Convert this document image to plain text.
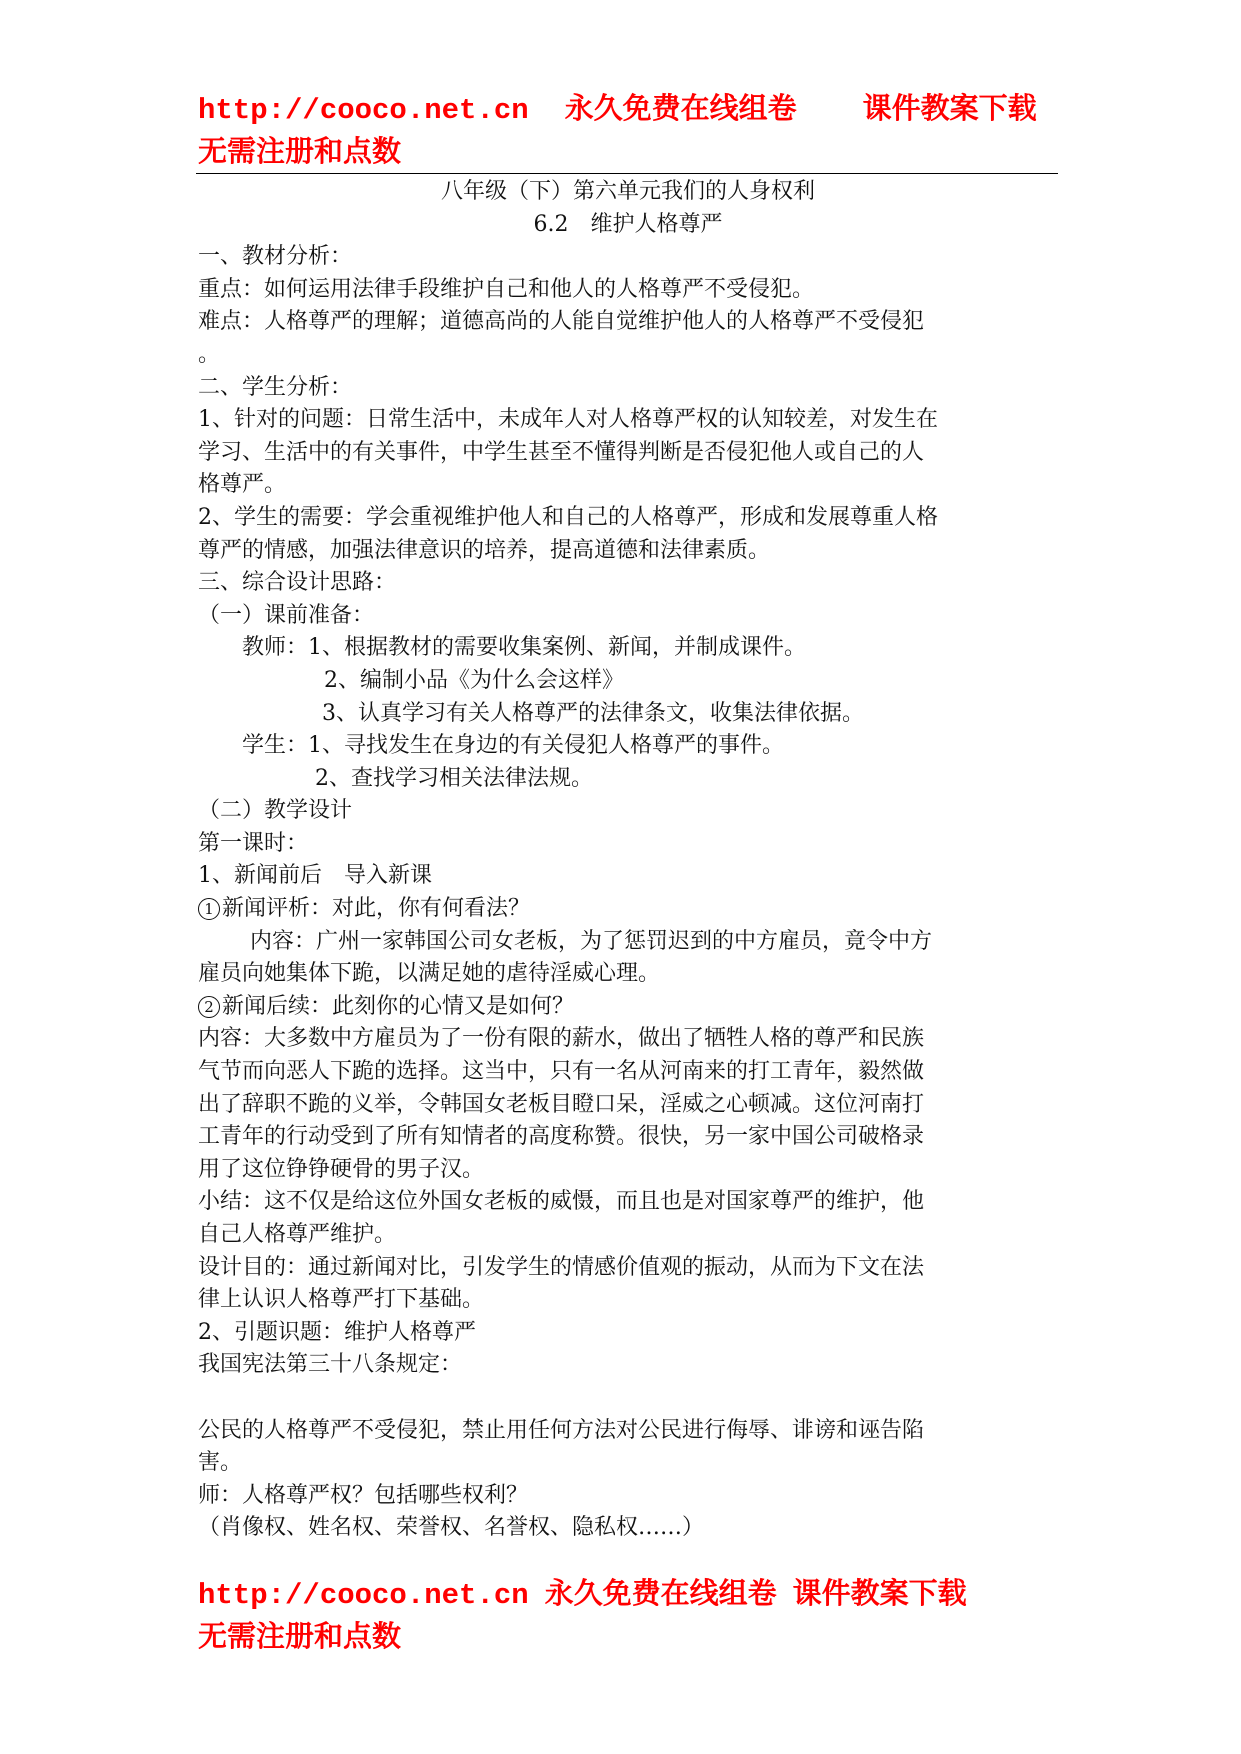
http://cooco.net.cn 永久免费在线组卷 课件教案下载
无需注册和点数

八年级（下）第六单元我们的人身权利

6.2　维护人格尊严

一、教材分析：

重点：如何运用法律手段维护自己和他人的人格尊严不受侵犯。

难点：人格尊严的理解；道德高尚的人能自觉维护他人的人格尊严不受侵犯

。

二、学生分析：

1、针对的问题：日常生活中，未成年人对人格尊严权的认知较差，对发生在

学习、生活中的有关事件，中学生甚至不懂得判断是否侵犯他人或自己的人

格尊严。

2、学生的需要：学会重视维护他人和自己的人格尊严，形成和发展尊重人格

尊严的情感，加强法律意识的培养，提高道德和法律素质。

三、综合设计思路：

（一）课前准备：

教师：1、根据教材的需要收集案例、新闻，并制成课件。

2、编制小品《为什么会这样》

3、认真学习有关人格尊严的法律条文，收集法律依据。

学生：1、寻找发生在身边的有关侵犯人格尊严的事件。

2、查找学习相关法律法规。

（二）教学设计

第一课时：

1、新闻前后　导入新课

1 新闻评析：对此，你有何看法？

内容：广州一家韩国公司女老板，为了惩罚迟到的中方雇员，竟令中方

雇员向她集体下跪，以满足她的虐待淫威心理。

2 新闻后续：此刻你的心情又是如何？

内容：大多数中方雇员为了一份有限的薪水，做出了牺牲人格的尊严和民族

气节而向恶人下跪的选择。这当中，只有一名从河南来的打工青年，毅然做

出了辞职不跪的义举，令韩国女老板目瞪口呆，淫威之心顿减。这位河南打

工青年的行动受到了所有知情者的高度称赞。很快，另一家中国公司破格录

用了这位铮铮硬骨的男子汉。

小结：这不仅是给这位外国女老板的威慑，而且也是对国家尊严的维护，他

自己人格尊严维护。

设计目的：通过新闻对比，引发学生的情感价值观的振动，从而为下文在法

律上认识人格尊严打下基础。

2、引题识题：维护人格尊严

我国宪法第三十八条规定：

公民的人格尊严不受侵犯，禁止用任何方法对公民进行侮辱、诽谤和诬告陷

害。

师：人格尊严权？包括哪些权利？

（肖像权、姓名权、荣誉权、名誉权、隐私权……）

http://cooco.net.cn 永久免费在线组卷 课件教案下载
无需注册和点数
